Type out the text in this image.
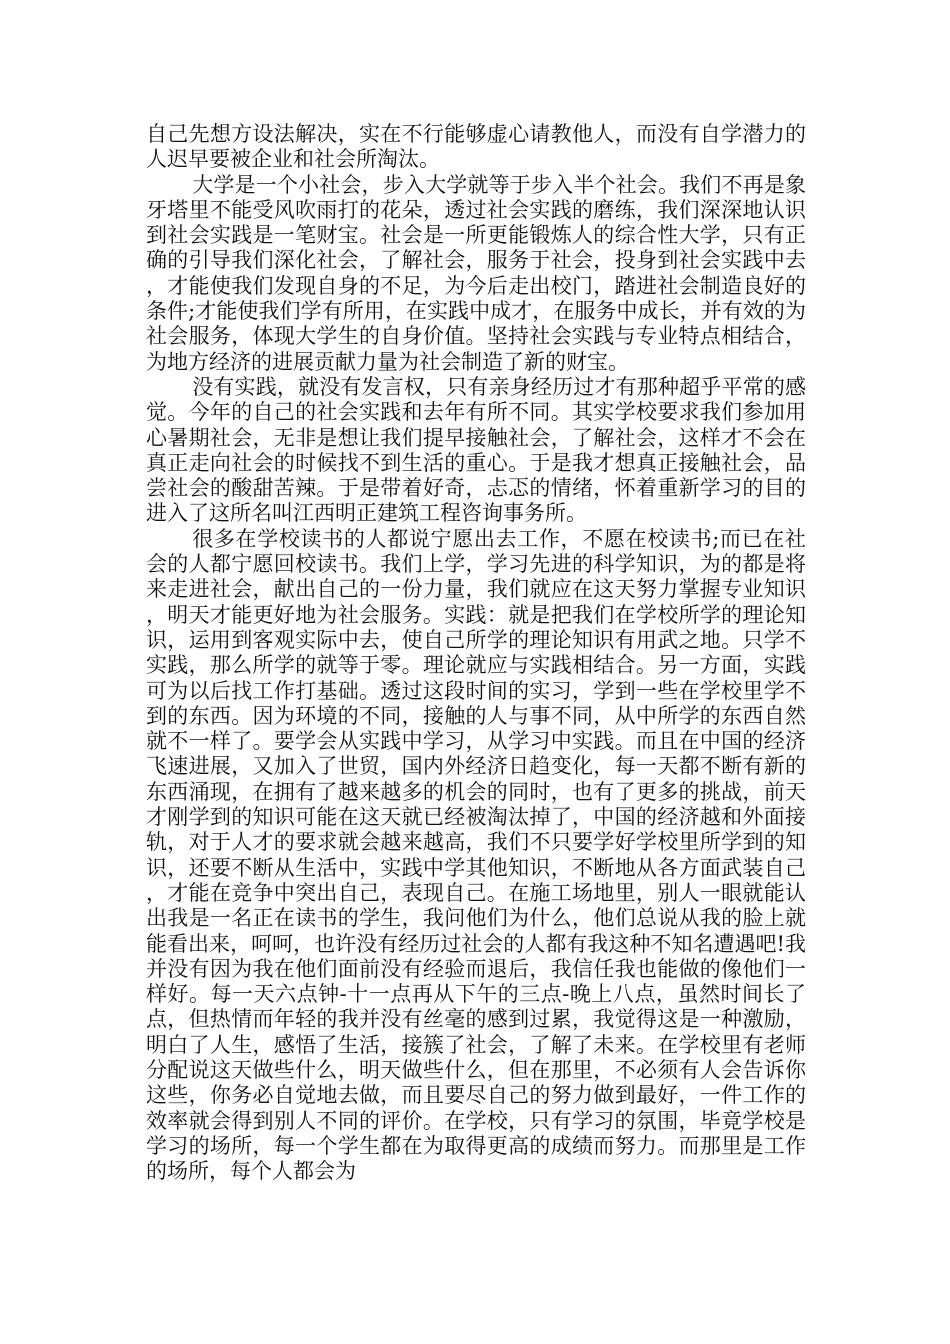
自己先想方设法解决，实在不行能够虚心请教他人，而没有自学潜力的人迟早要被企业和社会所淘汰。

大学是一个小社会，步入大学就等于步入半个社会。我们不再是象牙塔里不能受风吹雨打的花朵，透过社会实践的磨练，我们深深地认识到社会实践是一笔财宝。社会是一所更能锻炼人的综合性大学，只有正确的引导我们深化社会，了解社会，服务于社会，投身到社会实践中去，才能使我们发现自身的不足，为今后走出校门，踏进社会制造良好的条件;才能使我们学有所用，在实践中成才，在服务中成长，并有效的为社会服务，体现大学生的自身价值。坚持社会实践与专业特点相结合，为地方经济的进展贡献力量为社会制造了新的财宝。

没有实践，就没有发言权，只有亲身经历过才有那种超乎平常的感觉。今年的自己的社会实践和去年有所不同。其实学校要求我们参加用心暑期社会，无非是想让我们提早接触社会，了解社会，这样才不会在真正走向社会的时候找不到生活的重心。于是我才想真正接触社会，品尝社会的酸甜苦辣。于是带着好奇，忐忑的情绪，怀着重新学习的目的进入了这所名叫江西明正建筑工程咨询事务所。

很多在学校读书的人都说宁愿出去工作，不愿在校读书;而已在社会的人都宁愿回校读书。我们上学，学习先进的科学知识，为的都是将来走进社会，献出自己的一份力量，我们就应在这天努力掌握专业知识，明天才能更好地为社会服务。实践：就是把我们在学校所学的理论知识，运用到客观实际中去，使自己所学的理论知识有用武之地。只学不实践，那么所学的就等于零。理论就应与实践相结合。另一方面，实践可为以后找工作打基础。透过这段时间的实习，学到一些在学校里学不到的东西。因为环境的不同，接触的人与事不同，从中所学的东西自然就不一样了。要学会从实践中学习，从学习中实践。而且在中国的经济飞速进展，又加入了世贸，国内外经济日趋变化，每一天都不断有新的东西涌现，在拥有了越来越多的机会的同时，也有了更多的挑战，前天才刚学到的知识可能在这天就已经被淘汰掉了，中国的经济越和外面接轨，对于人才的要求就会越来越高，我们不只要学好学校里所学到的知识，还要不断从生活中，实践中学其他知识，不断地从各方面武装自己，才能在竞争中突出自己，表现自己。在施工场地里，别人一眼就能认出我是一名正在读书的学生，我问他们为什么，他们总说从我的脸上就能看出来，呵呵，也许没有经历过社会的人都有我这种不知名遭遇吧!我并没有因为我在他们面前没有经验而退后，我信任我也能做的像他们一样好。每一天六点钟-十一点再从下午的三点-晚上八点，虽然时间长了点，但热情而年轻的我并没有丝毫的感到过累，我觉得这是一种激励，明白了人生，感悟了生活，接簇了社会，了解了未来。在学校里有老师分配说这天做些什么，明天做些什么，但在那里，不必须有人会告诉你这些，你务必自觉地去做，而且要尽自己的努力做到最好，一件工作的效率就会得到别人不同的评价。在学校，只有学习的氛围，毕竟学校是学习的场所，每一个学生都在为取得更高的成绩而努力。而那里是工作的场所，每个人都会为
